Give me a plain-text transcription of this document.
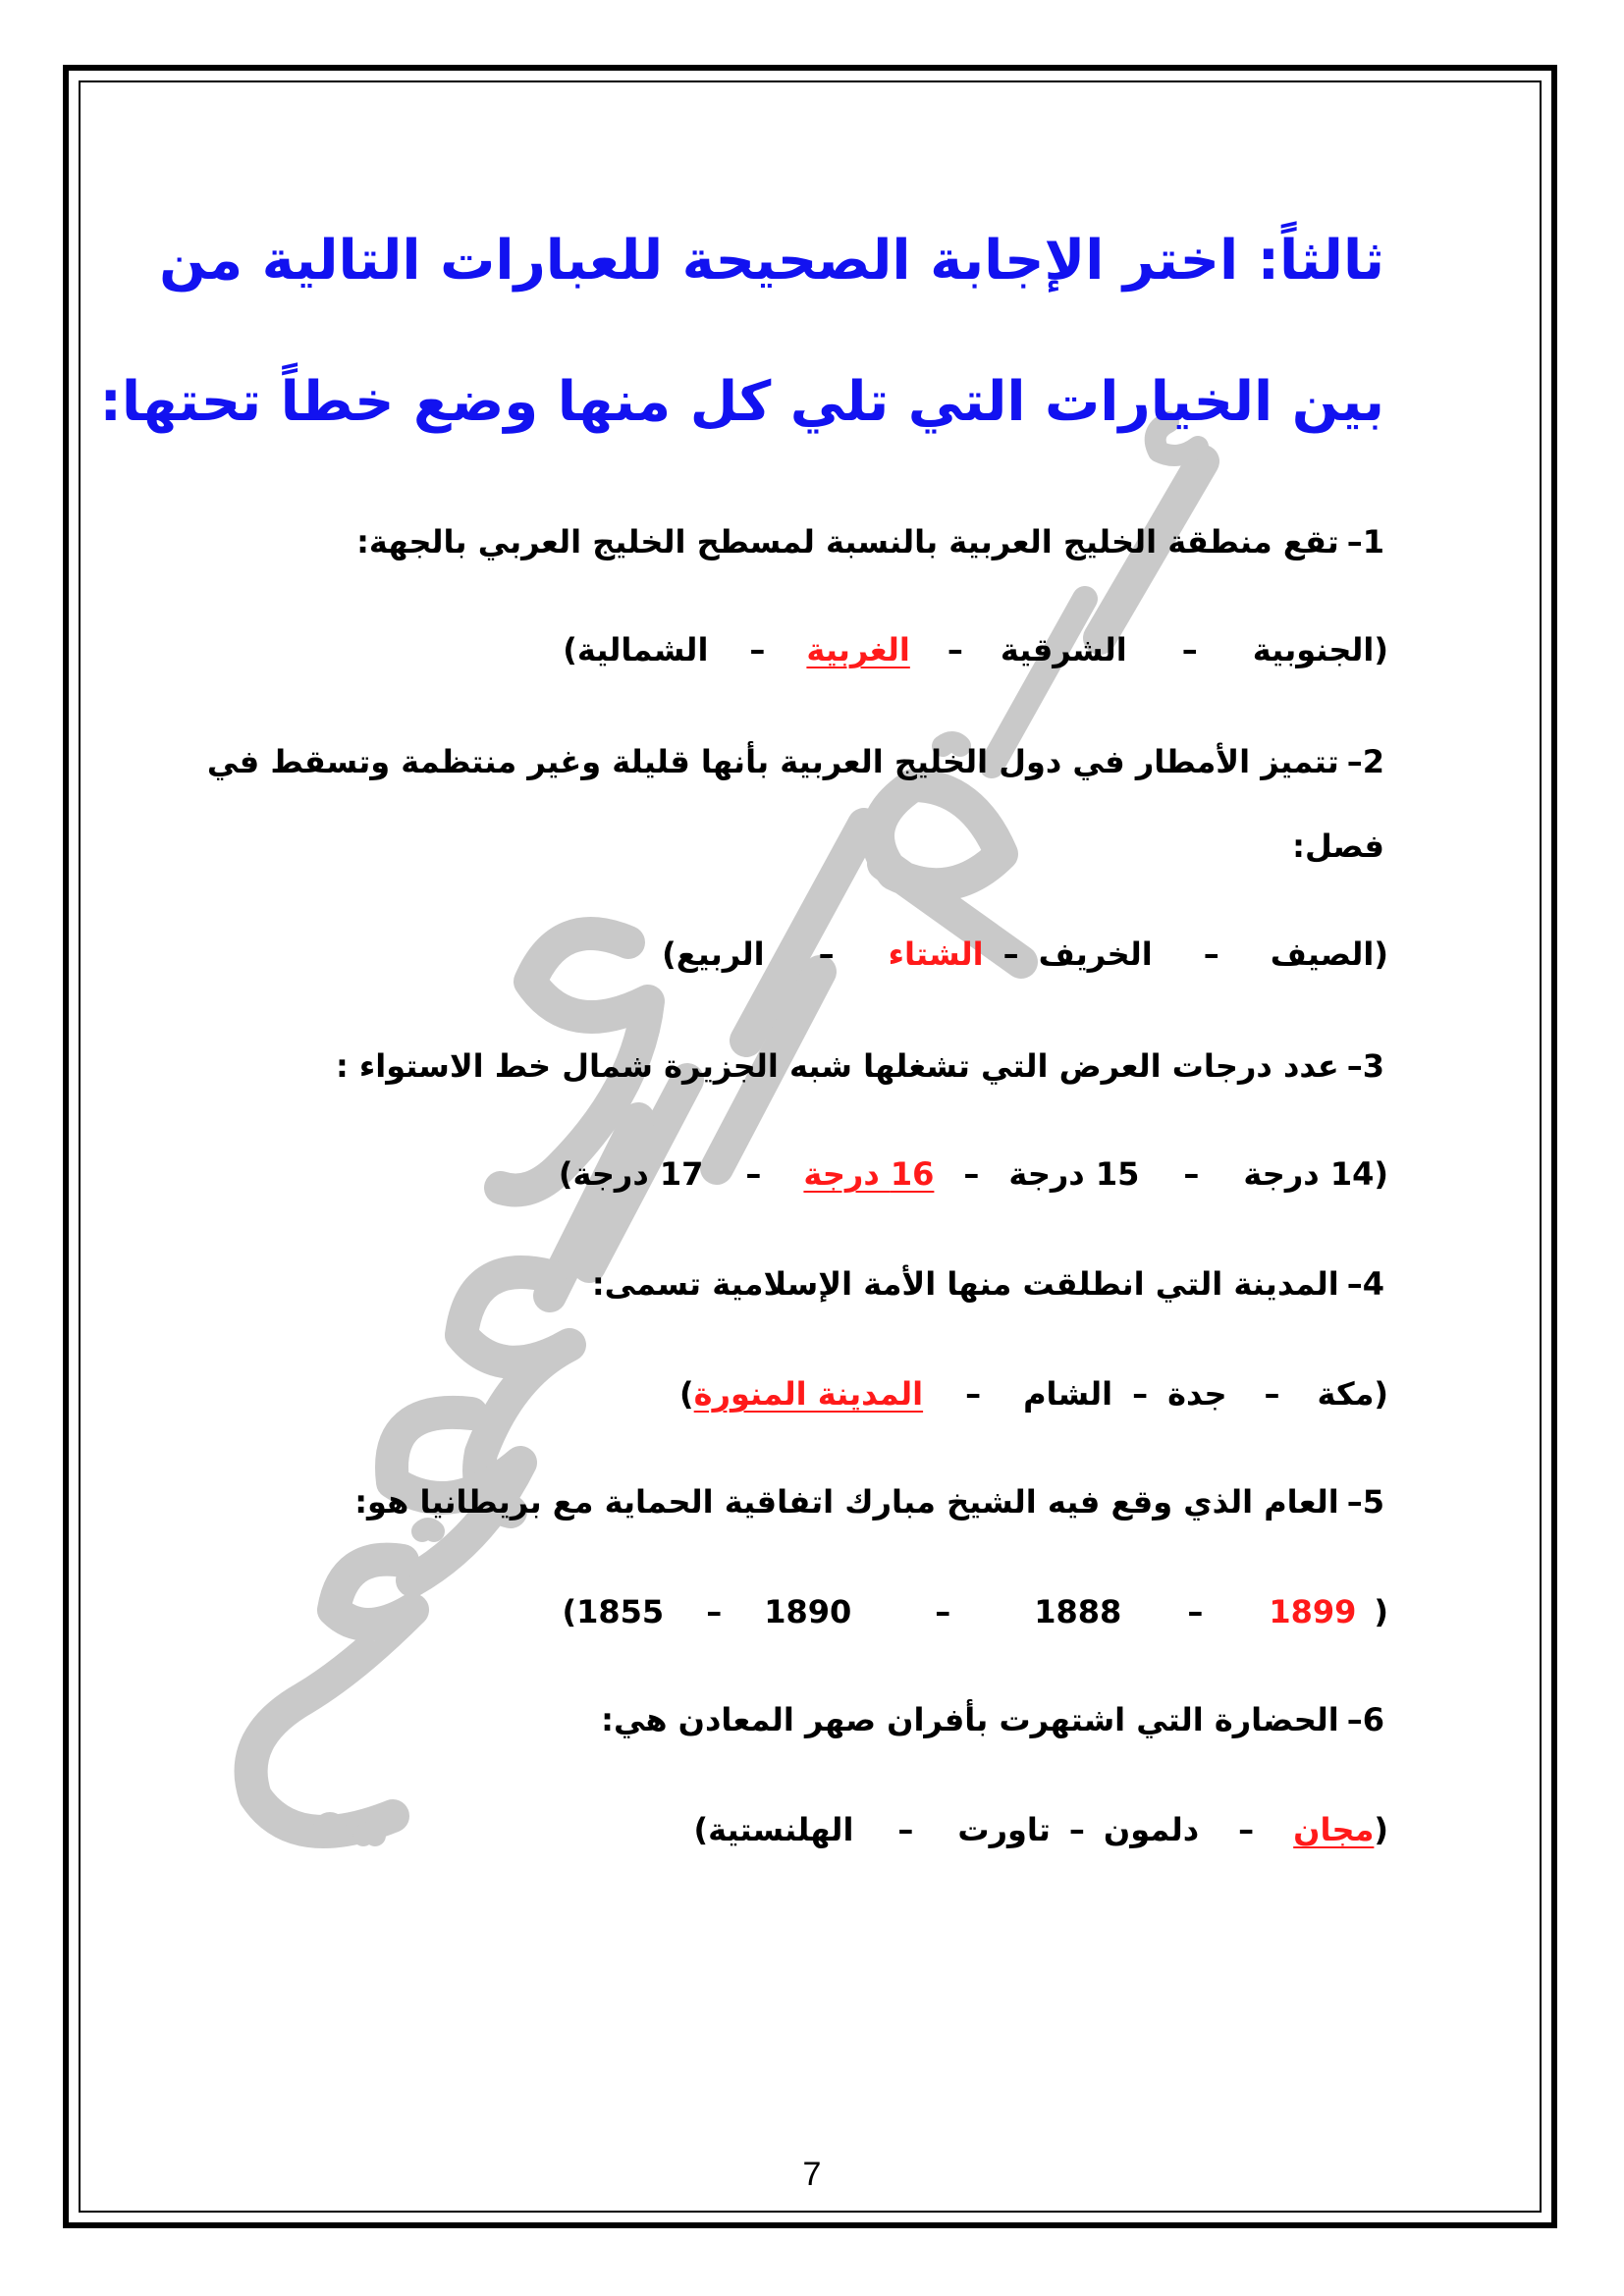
ثالثاً: اختر الإجابة الصحيحة للعبارات التالية من
بين الخيارات التي تلي كل منها وضع خطاً تحتها:
1–تقع منطقة الخليج العربية بالنسبة لمسطح الخليج العربي بالجهة:
(
الجنوبية
–
الشرقية
–
الغربية
–
الشمالية
)
2–تتميز الأمطار في دول الخليج العربية بأنها قليلة وغير منتظمة وتسقط في
فصل:
(
الصيف
–
الخريف
–
الشتاء
–
الربيع
)
3–عدد درجات العرض التي تشغلها شبه الجزيرة شمال خط الاستواء :
(
14 درجة
–
15 درجة
–
16 درجة
–
17 درجة
)
4–المدينة التي انطلقت منها الأمة الإسلامية تسمى:
(
مكة
–
جدة
–
الشام
–
المدينة المنورة
)
5–العام الذي وقع فيه الشيخ مبارك اتفاقية الحماية مع بريطانيا هو:
(
1899
–
1888
–
1890
–
1855
)
6–الحضارة التي اشتهرت بأفران صهر المعادن هي:
(
مجان
–
دلمون
–
تاورت
–
الهلنستية
)
7
